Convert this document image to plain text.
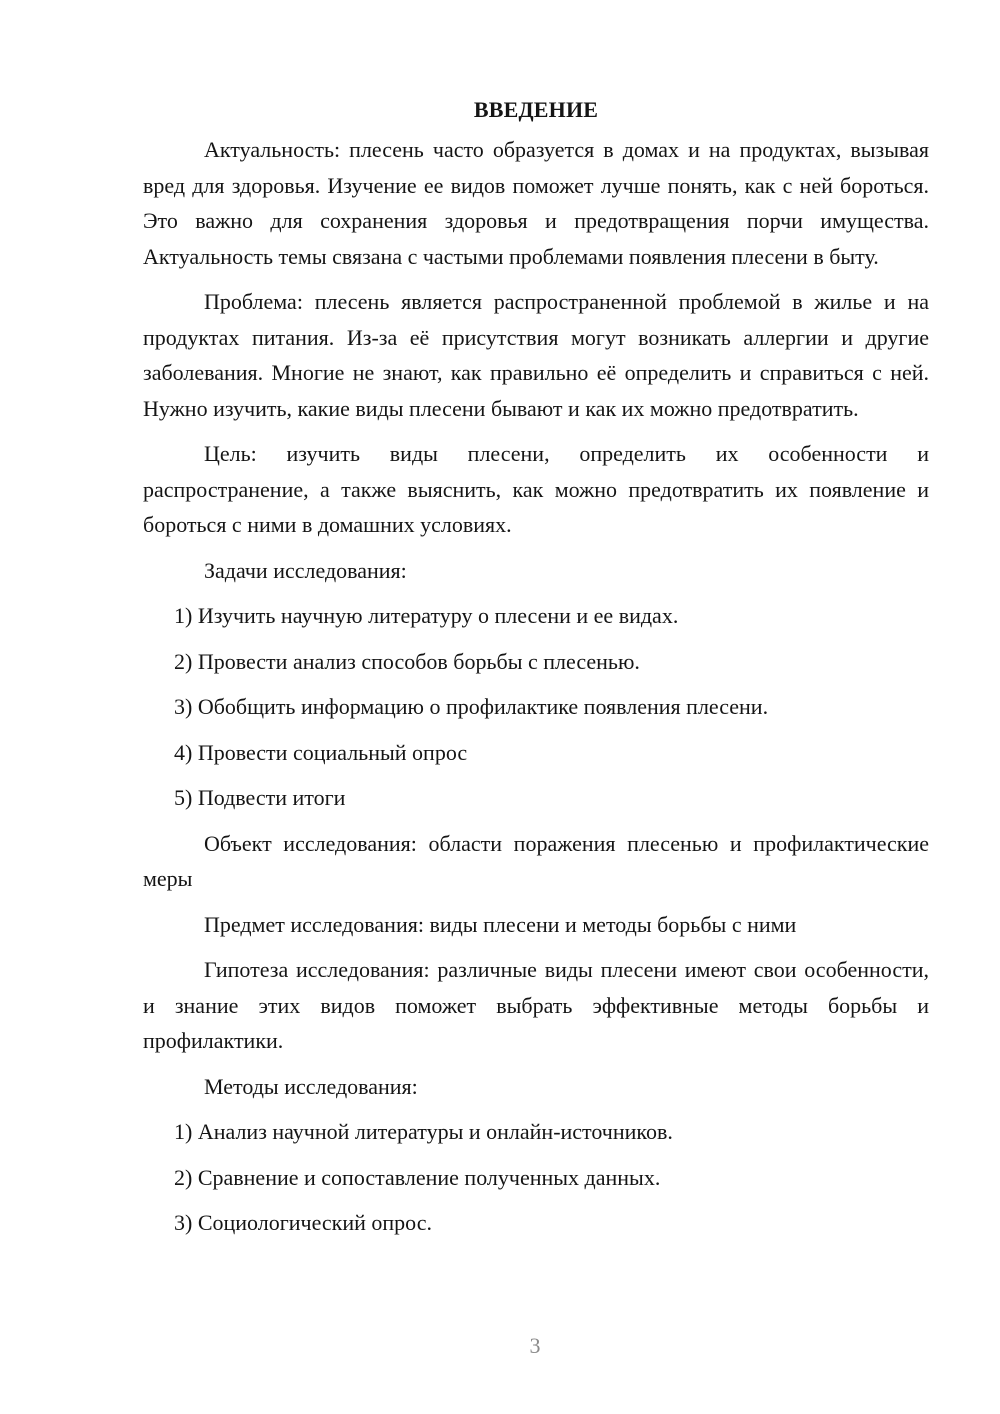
ВВЕДЕНИЕ

Актуальность: плесень часто образуется в домах и на продуктах, вызывая вред для здоровья. Изучение ее видов поможет лучше понять, как с ней бороться. Это важно для сохранения здоровья и предотвращения порчи имущества. Актуальность темы связана с частыми проблемами появления плесени в быту.

Проблема: плесень является распространенной проблемой в жилье и на продуктах питания. Из-за её присутствия могут возникать аллергии и другие заболевания. Многие не знают, как правильно её определить и справиться с ней. Нужно изучить, какие виды плесени бывают и как их можно предотвратить.

Цель: изучить виды плесени, определить их особенности и распространение, а также выяснить, как можно предотвратить их появление и бороться с ними в домашних условиях.

Задачи исследования:

1) Изучить научную литературу о плесени и ее видах.
2) Провести анализ способов борьбы с плесенью.
3) Обобщить информацию о профилактике появления плесени.
4) Провести социальный опрос
5) Подвести итоги

Объект исследования: области поражения плесенью и профилактические меры

Предмет исследования: виды плесени и методы борьбы с ними

Гипотеза исследования: различные виды плесени имеют свои особенности, и знание этих видов поможет выбрать эффективные методы борьбы и профилактики.

Методы исследования:

1) Анализ научной литературы и онлайн-источников.
2) Сравнение и сопоставление полученных данных.
3) Социологический опрос.
3
